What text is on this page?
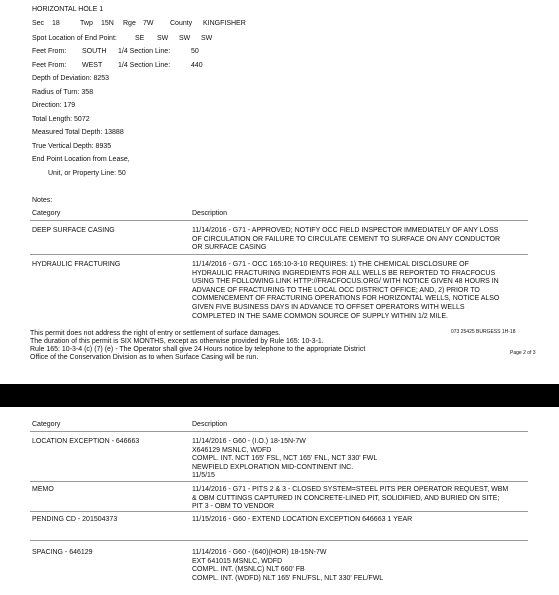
HORIZONTAL HOLE 1
Sec 18	Twp 15N Rge 7W County KINGFISHER
Spot Location of End Point:	SE SW SW SW
Feet From: SOUTH 1/4 Section Line:	50
Feet From: WEST 1/4 Section Line:	440
Depth of Deviation: 8253
Radius of Turn: 358
Direction: 179
Total Length: 5072
Measured Total Depth: 13888
True Vertical Depth: 8935
End Point Location from Lease,
Unit, or Property Line: 50
Notes:
Category	Description
DEEP SURFACE CASING	11/14/2016 - G71 - APPROVED; NOTIFY OCC FIELD INSPECTOR IMMEDIATELY OF ANY LOSS
OF CIRCULATION OR FAILURE TO CIRCULATE CEMENT TO SURFACE ON ANY CONDUCTOR
OR SURFACE CASING
HYDRAULIC FRACTURING	11/14/2016 - G71 - OCC 165:10-3-10 REQUIRES: 1) THE CHEMICAL DISCLOSURE OF
HYDRAULIC FRACTURING INGREDIENTS FOR ALL WELLS BE REPORTED TO FRACFOCUS
USING THE FOLLOWING LINK HTTP://FRACFOCUS.ORG/ WITH NOTICE GIVEN 48 HOURS IN
ADVANCE OF FRACTURING TO THE LOCAL OCC DISTRICT OFFICE; AND, 2) PRIOR TO
COMMENCEMENT OF FRACTURING OPERATIONS FOR HORIZONTAL WELLS, NOTICE ALSO
GIVEN FIVE BUSINESS DAYS IN ADVANCE TO OFFSET OPERATORS WITH WELLS
COMPLETED IN THE SAME COMMON SOURCE OF SUPPLY WITHIN 1/2 MILE.
This permit does not address the right of entry or settlement of surface damages.
The duration of this permit is SIX MONTHS, except as otherwise provided by Rule 165: 10-3-1.
Rule 165: 10-3-4 (c) (7) (e) - The Operator shall give 24 Hours notice by telephone to the appropriate District
Office of the Conservation Division as to when Surface Casing will be run.
073 25425 BURGESS 1H-18
Page 2 of 3
Category	Description
LOCATION EXCEPTION - 646663	11/14/2016 - G60 - (I.O.) 18-15N-7W
X646129 MSNLC, WDFD
COMPL. INT. NCT 165' FSL, NCT 165' FNL, NCT 330' FWL
NEWFIELD EXPLORATION MID-CONTINENT INC.
11/5/15
MEMO	11/14/2016 - G71 - PITS 2 & 3 - CLOSED SYSTEM=STEEL PITS PER OPERATOR REQUEST, WBM
& OBM CUTTINGS CAPTURED IN CONCRETE-LINED PIT, SOLIDIFIED, AND BURIED ON SITE;
PIT 3 - OBM TO VENDOR
PENDING CD - 201504373	11/15/2016 - G60 - EXTEND LOCATION EXCEPTION 646663 1 YEAR
SPACING - 646129	11/14/2016 - G60 - (640)(HOR) 18-15N-7W
EXT 641015 MSNLC, WDFD
COMPL. INT. (MSNLC) NLT 660' FB
COMPL. INT. (WDFD) NLT 165' FNL/FSL, NLT 330' FEL/FWL
